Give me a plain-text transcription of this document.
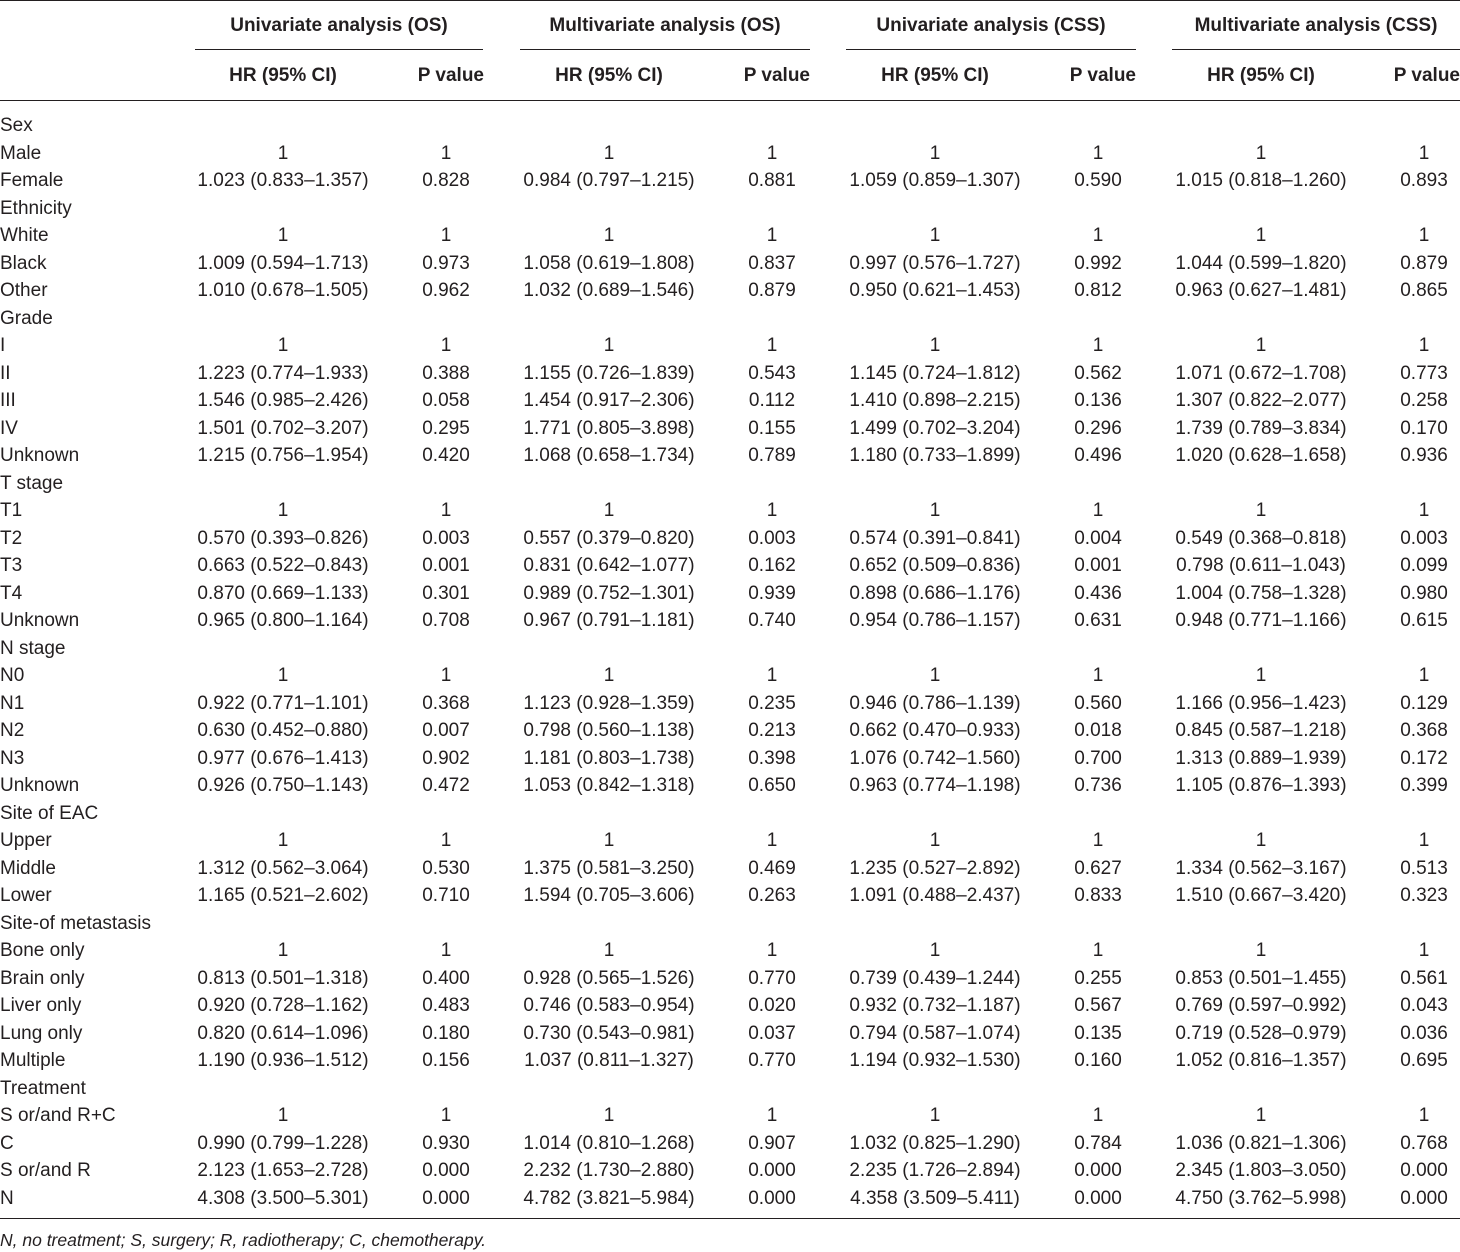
Univariate analysis (OS)	Multivariate analysis (OS)	Univariate analysis (CSS)	Multivariate analysis (CSS)
HR (95% CI)	P value	HR (95% CI)	P value	HR (95% CI)	P value	HR (95% CI)	P value
Sex
Male	1	1	1	1	1	1	1	1
Female	1.023 (0.833–1.357)	0.828	0.984 (0.797–1.215)	0.881	1.059 (0.859–1.307)	0.590	1.015 (0.818–1.260)	0.893
Ethnicity
White	1	1	1	1	1	1	1	1
Black	1.009 (0.594–1.713)	0.973	1.058 (0.619–1.808)	0.837	0.997 (0.576–1.727)	0.992	1.044 (0.599–1.820)	0.879
Other	1.010 (0.678–1.505)	0.962	1.032 (0.689–1.546)	0.879	0.950 (0.621–1.453)	0.812	0.963 (0.627–1.481)	0.865
Grade
I	1	1	1	1	1	1	1	1
II	1.223 (0.774–1.933)	0.388	1.155 (0.726–1.839)	0.543	1.145 (0.724–1.812)	0.562	1.071 (0.672–1.708)	0.773
III	1.546 (0.985–2.426)	0.058	1.454 (0.917–2.306)	0.112	1.410 (0.898–2.215)	0.136	1.307 (0.822–2.077)	0.258
IV	1.501 (0.702–3.207)	0.295	1.771 (0.805–3.898)	0.155	1.499 (0.702–3.204)	0.296	1.739 (0.789–3.834)	0.170
Unknown	1.215 (0.756–1.954)	0.420	1.068 (0.658–1.734)	0.789	1.180 (0.733–1.899)	0.496	1.020 (0.628–1.658)	0.936
T stage
T1	1	1	1	1	1	1	1	1
T2	0.570 (0.393–0.826)	0.003	0.557 (0.379–0.820)	0.003	0.574 (0.391–0.841)	0.004	0.549 (0.368–0.818)	0.003
T3	0.663 (0.522–0.843)	0.001	0.831 (0.642–1.077)	0.162	0.652 (0.509–0.836)	0.001	0.798 (0.611–1.043)	0.099
T4	0.870 (0.669–1.133)	0.301	0.989 (0.752–1.301)	0.939	0.898 (0.686–1.176)	0.436	1.004 (0.758–1.328)	0.980
Unknown	0.965 (0.800–1.164)	0.708	0.967 (0.791–1.181)	0.740	0.954 (0.786–1.157)	0.631	0.948 (0.771–1.166)	0.615
N stage
N0	1	1	1	1	1	1	1	1
N1	0.922 (0.771–1.101)	0.368	1.123 (0.928–1.359)	0.235	0.946 (0.786–1.139)	0.560	1.166 (0.956–1.423)	0.129
N2	0.630 (0.452–0.880)	0.007	0.798 (0.560–1.138)	0.213	0.662 (0.470–0.933)	0.018	0.845 (0.587–1.218)	0.368
N3	0.977 (0.676–1.413)	0.902	1.181 (0.803–1.738)	0.398	1.076 (0.742–1.560)	0.700	1.313 (0.889–1.939)	0.172
Unknown	0.926 (0.750–1.143)	0.472	1.053 (0.842–1.318)	0.650	0.963 (0.774–1.198)	0.736	1.105 (0.876–1.393)	0.399
Site of EAC
Upper	1	1	1	1	1	1	1	1
Middle	1.312 (0.562–3.064)	0.530	1.375 (0.581–3.250)	0.469	1.235 (0.527–2.892)	0.627	1.334 (0.562–3.167)	0.513
Lower	1.165 (0.521–2.602)	0.710	1.594 (0.705–3.606)	0.263	1.091 (0.488–2.437)	0.833	1.510 (0.667–3.420)	0.323
Site-of metastasis
Bone only	1	1	1	1	1	1	1	1
Brain only	0.813 (0.501–1.318)	0.400	0.928 (0.565–1.526)	0.770	0.739 (0.439–1.244)	0.255	0.853 (0.501–1.455)	0.561
Liver only	0.920 (0.728–1.162)	0.483	0.746 (0.583–0.954)	0.020	0.932 (0.732–1.187)	0.567	0.769 (0.597–0.992)	0.043
Lung only	0.820 (0.614–1.096)	0.180	0.730 (0.543–0.981)	0.037	0.794 (0.587–1.074)	0.135	0.719 (0.528–0.979)	0.036
Multiple	1.190 (0.936–1.512)	0.156	1.037 (0.811–1.327)	0.770	1.194 (0.932–1.530)	0.160	1.052 (0.816–1.357)	0.695
Treatment
S or/and R+C	1	1	1	1	1	1	1	1
C	0.990 (0.799–1.228)	0.930	1.014 (0.810–1.268)	0.907	1.032 (0.825–1.290)	0.784	1.036 (0.821–1.306)	0.768
S or/and R	2.123 (1.653–2.728)	0.000	2.232 (1.730–2.880)	0.000	2.235 (1.726–2.894)	0.000	2.345 (1.803–3.050)	0.000
N	4.308 (3.500–5.301)	0.000	4.782 (3.821–5.984)	0.000	4.358 (3.509–5.411)	0.000	4.750 (3.762–5.998)	0.000
N, no treatment; S, surgery; R, radiotherapy; C, chemotherapy.
